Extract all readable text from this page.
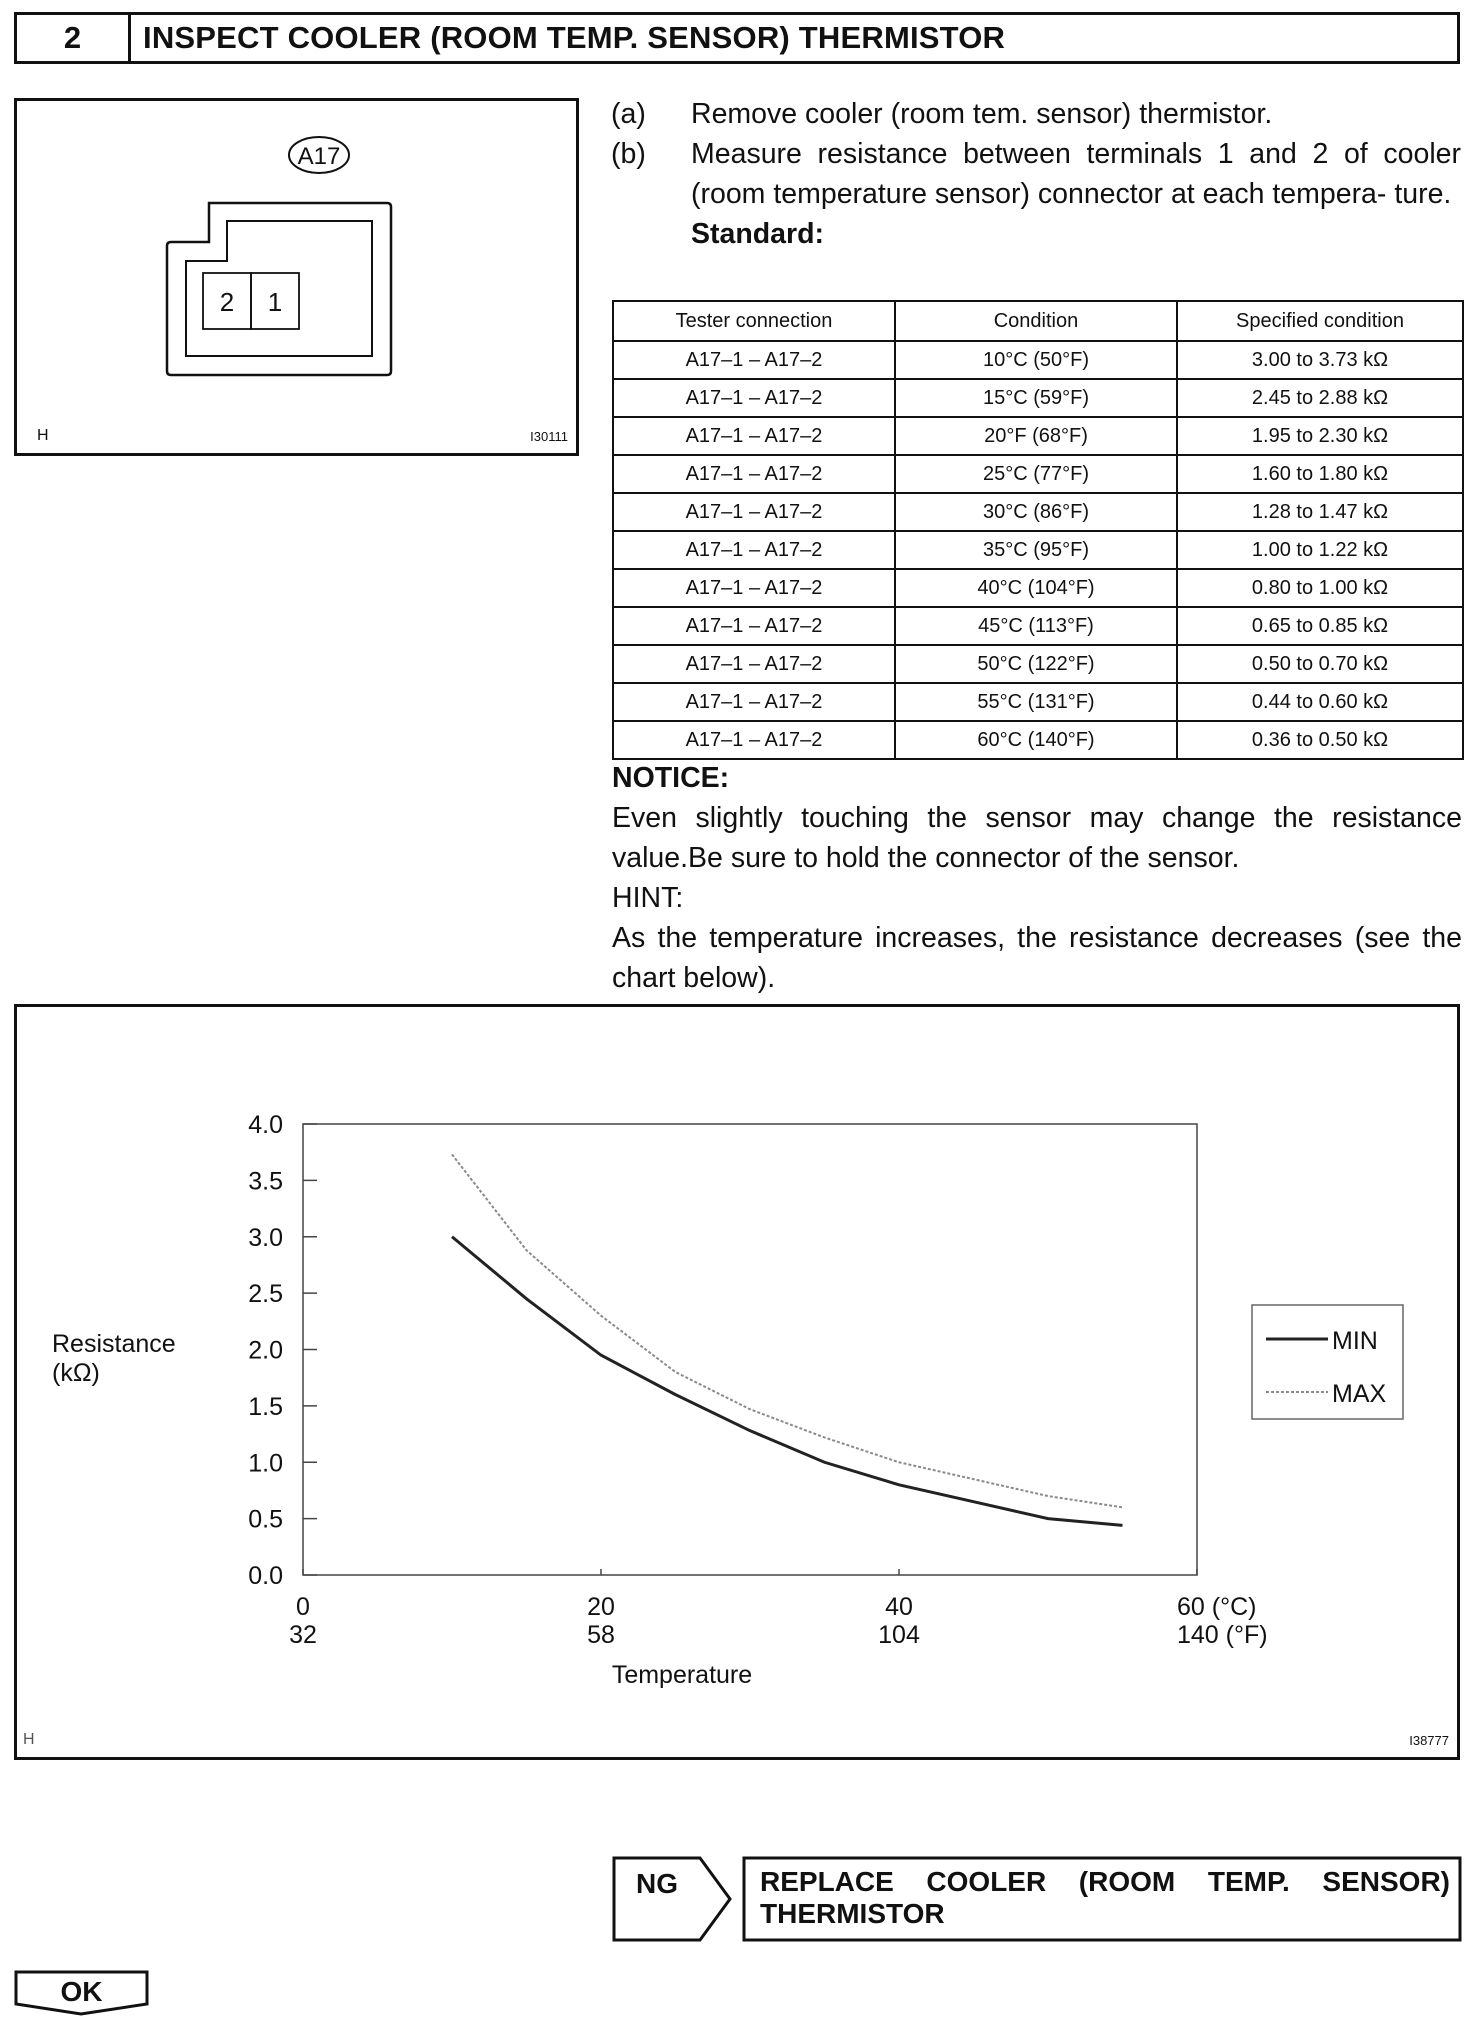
2	INSPECT COOLER (ROOM TEMP. SENSOR) THERMISTOR
A17
2 1
H	I30111
(a)	Remove cooler (room tem. sensor) thermistor.
(b)	Measure resistance between terminals 1 and 2 of cooler (room temperature sensor) connector at each tempera- ture.
Standard:
Tester connection	Condition	Specified condition
A17–1 – A17–2	10°C (50°F)	3.00 to 3.73 kΩ
A17–1 – A17–2	15°C (59°F)	2.45 to 2.88 kΩ
A17–1 – A17–2	20°F (68°F)	1.95 to 2.30 kΩ
A17–1 – A17–2	25°C (77°F)	1.60 to 1.80 kΩ
A17–1 – A17–2	30°C (86°F)	1.28 to 1.47 kΩ
A17–1 – A17–2	35°C (95°F)	1.00 to 1.22 kΩ
A17–1 – A17–2	40°C (104°F)	0.80 to 1.00 kΩ
A17–1 – A17–2	45°C (113°F)	0.65 to 0.85 kΩ
A17–1 – A17–2	50°C (122°F)	0.50 to 0.70 kΩ
A17–1 – A17–2	55°C (131°F)	0.44 to 0.60 kΩ
A17–1 – A17–2	60°C (140°F)	0.36 to 0.50 kΩ
NOTICE:
Even slightly touching the sensor may change the resistance value.Be sure to hold the connector of the sensor.
HINT:
As the temperature increases, the resistance decreases (see the chart below).
0.0
0.5
1.0
1.5
2.0
2.5
3.0
3.5
4.0
0
32
20
58
40
104
60 (°C)
140 (°F)
Resistance
(kΩ)
Temperature
MIN
MAX
H	I38777
NG	REPLACE COOLER (ROOM TEMP. SENSOR) THERMISTOR
OK
